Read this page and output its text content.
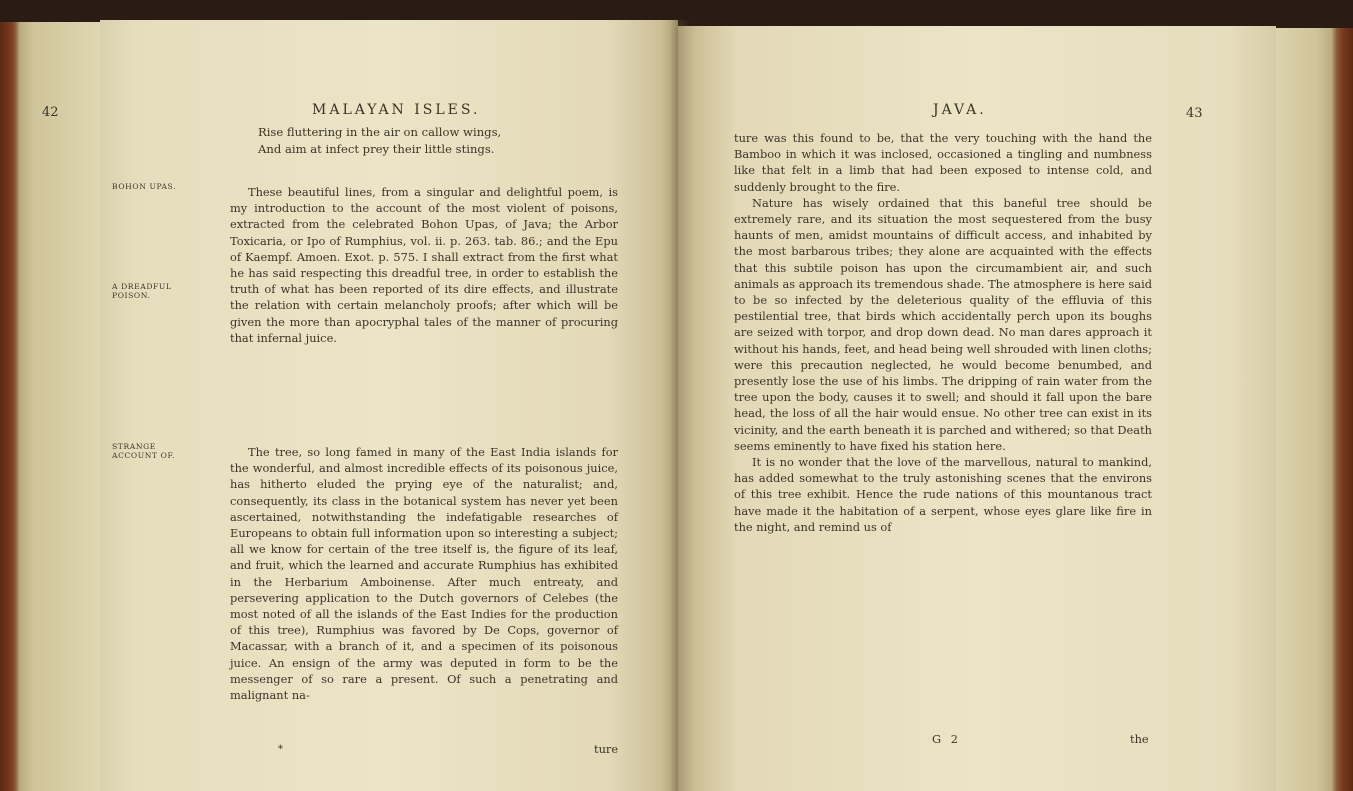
42	MALAYAN ISLES.
Rise fluttering in the air on callow wings,
And aim at infect prey their little stings.
BOHON UPAS.
A DREADFUL POISON.
STRANGE ACCOUNT OF.

These beautiful lines, from a singular and delightful poem, is my introduction to the account of the most violent of poisons, extracted from the celebrated Bohon Upas, of Java; the Arbor Toxicaria, or Ipo of Rumphius, vol. ii. p. 263. tab. 86.; and the Epu of Kaempf. Amoen. Exot. p. 575. I shall extract from the first what he has said respecting this dreadful tree, in order to establish the truth of what has been reported of its dire effects, and illustrate the relation with certain melancholy proofs; after which will be given the more than apocryphal tales of the manner of procuring that infernal juice.

The tree, so long famed in many of the East India islands for the wonderful, and almost incredible effects of its poisonous juice, has hitherto eluded the prying eye of the naturalist; and, consequently, its class in the botanical system has never yet been ascertained, notwithstanding the indefatigable researches of Europeans to obtain full information upon so interesting a subject; all we know for certain of the tree itself is, the figure of its leaf, and fruit, which the learned and accurate Rumphius has exhibited in the Herbarium Amboinense. After much entreaty, and persevering application to the Dutch governors of Celebes (the most noted of all the islands of the East Indies for the production of this tree), Rumphius was favored by De Cops, governor of Macassar, with a branch of it, and a specimen of its poisonous juice. An ensign of the army was deputed in form to be the messenger of so rare a present. Of such a penetrating and malignant na-

*	ture
JAVA.	43

ture was this found to be, that the very touching with the hand the Bamboo in which it was inclosed, occasioned a tingling and numbness like that felt in a limb that had been exposed to intense cold, and suddenly brought to the fire.

Nature has wisely ordained that this baneful tree should be extremely rare, and its situation the most sequestered from the busy haunts of men, amidst mountains of difficult access, and inhabited by the most barbarous tribes; they alone are acquainted with the effects that this subtile poison has upon the circumambient air, and such animals as approach its tremendous shade. The atmosphere is here said to be so infected by the deleterious quality of the effluvia of this pestilential tree, that birds which accidentally perch upon its boughs are seized with torpor, and drop down dead. No man dares approach it without his hands, feet, and head being well shrouded with linen cloths; were this precaution neglected, he would become benumbed, and presently lose the use of his limbs. The dripping of rain water from the tree upon the body, causes it to swell; and should it fall upon the bare head, the loss of all the hair would ensue. No other tree can exist in its vicinity, and the earth beneath it is parched and withered; so that Death seems eminently to have fixed his station here.

It is no wonder that the love of the marvellous, natural to mankind, has added somewhat to the truly astonishing scenes that the environs of this tree exhibit. Hence the rude nations of this mountanous tract have made it the habitation of a serpent, whose eyes glare like fire in the night, and remind us of

G 2	the
